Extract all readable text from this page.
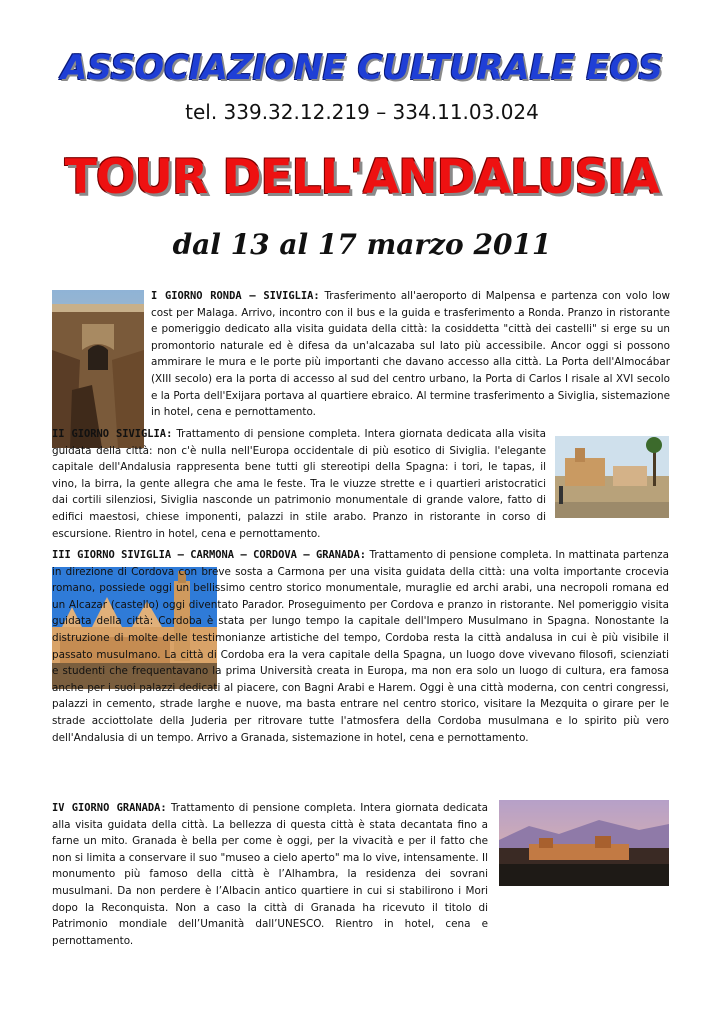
ASSOCIAZIONE CULTURALE EOS
tel. 339.32.12.219 – 334.11.03.024
TOUR DELL'ANDALUSIA
dal 13 al 17 marzo 2011
I GIORNO RONDA – SIVIGLIA: Trasferimento all'aeroporto di Malpensa e partenza con volo low cost per Malaga. Arrivo, incontro con il bus e la guida e trasferimento a Ronda. Pranzo in ristorante e pomeriggio dedicato alla visita guidata della città: la cosiddetta "città dei castelli" si erge su un promontorio naturale ed è difesa da un'alcazaba sul lato più accessibile. Ancor oggi si possono ammirare le mura e le porte più importanti che davano accesso alla città. La Porta dell'Almocábar (XIII secolo) era la porta di accesso al sud del centro urbano, la Porta di Carlos I risale al XVI secolo e la Porta dell'Exijara portava al quartiere ebraico. Al termine trasferimento a Siviglia, sistemazione in hotel, cena e pernottamento.
II GIORNO SIVIGLIA: Trattamento di pensione completa. Intera giornata dedicata alla visita guidata della città: non c'è nulla nell'Europa occidentale di più esotico di Siviglia. l'elegante capitale dell'Andalusia rappresenta bene tutti gli stereotipi della Spagna: i tori, le tapas, il vino, la birra, la gente allegra che ama le feste. Tra le viuzze strette e i quartieri aristocratici dai cortili silenziosi, Siviglia nasconde un patrimonio monumentale di grande valore, fatto di edifici maestosi, chiese imponenti, palazzi in stile arabo. Pranzo in ristorante in corso di escursione. Rientro in hotel, cena e pernottamento.
III GIORNO SIVIGLIA – CARMONA – CORDOVA – GRANADA: Trattamento di pensione completa. In mattinata partenza in direzione di Cordova con breve sosta a Carmona per una visita guidata della città: una volta importante crocevia romano, possiede oggi un bellissimo centro storico monumentale, muraglie ed archi arabi, una necropoli romana ed un Alcazar (castello) oggi diventato Parador. Proseguimento per Cordova e pranzo in ristorante. Nel pomeriggio visita guidata della città: Cordoba è stata per lungo tempo la capitale dell'Impero Musulmano in Spagna. Nonostante la distruzione di molte delle testimonianze artistiche del tempo, Cordoba resta la città andalusa in cui è più visibile il passato musulmano. La città di Cordoba era la vera capitale della Spagna, un luogo dove vivevano filosofi, scienziati e studenti che frequentavano la prima Università creata in Europa, ma non era solo un luogo di cultura, era famosa anche per i suoi palazzi dedicati al piacere, con Bagni Arabi e Harem. Oggi è una città moderna, con centri congressi, palazzi in cemento, strade larghe e nuove, ma basta entrare nel centro storico, visitare la Mezquita o girare per le strade acciottolate della Juderia per ritrovare tutte l'atmosfera della Cordoba musulmana e lo spirito più vero dell'Andalusia di un tempo. Arrivo a Granada, sistemazione in hotel, cena e pernottamento.
IV GIORNO GRANADA: Trattamento di pensione completa. Intera giornata dedicata alla visita guidata della città. La bellezza di questa città è stata decantata fino a farne un mito. Granada è bella per come è oggi, per la vivacità e per il fatto che non si limita a conservare il suo "museo a cielo aperto" ma lo vive, intensamente. Il monumento più famoso della città è l’Alhambra, la residenza dei sovrani musulmani. Da non perdere è l’Albacin antico quartiere in cui si stabilirono i Mori dopo la Reconquista. Non a caso la città di Granada ha ricevuto il titolo di Patrimonio mondiale dell’Umanità dall’UNESCO. Rientro in hotel, cena e pernottamento.
